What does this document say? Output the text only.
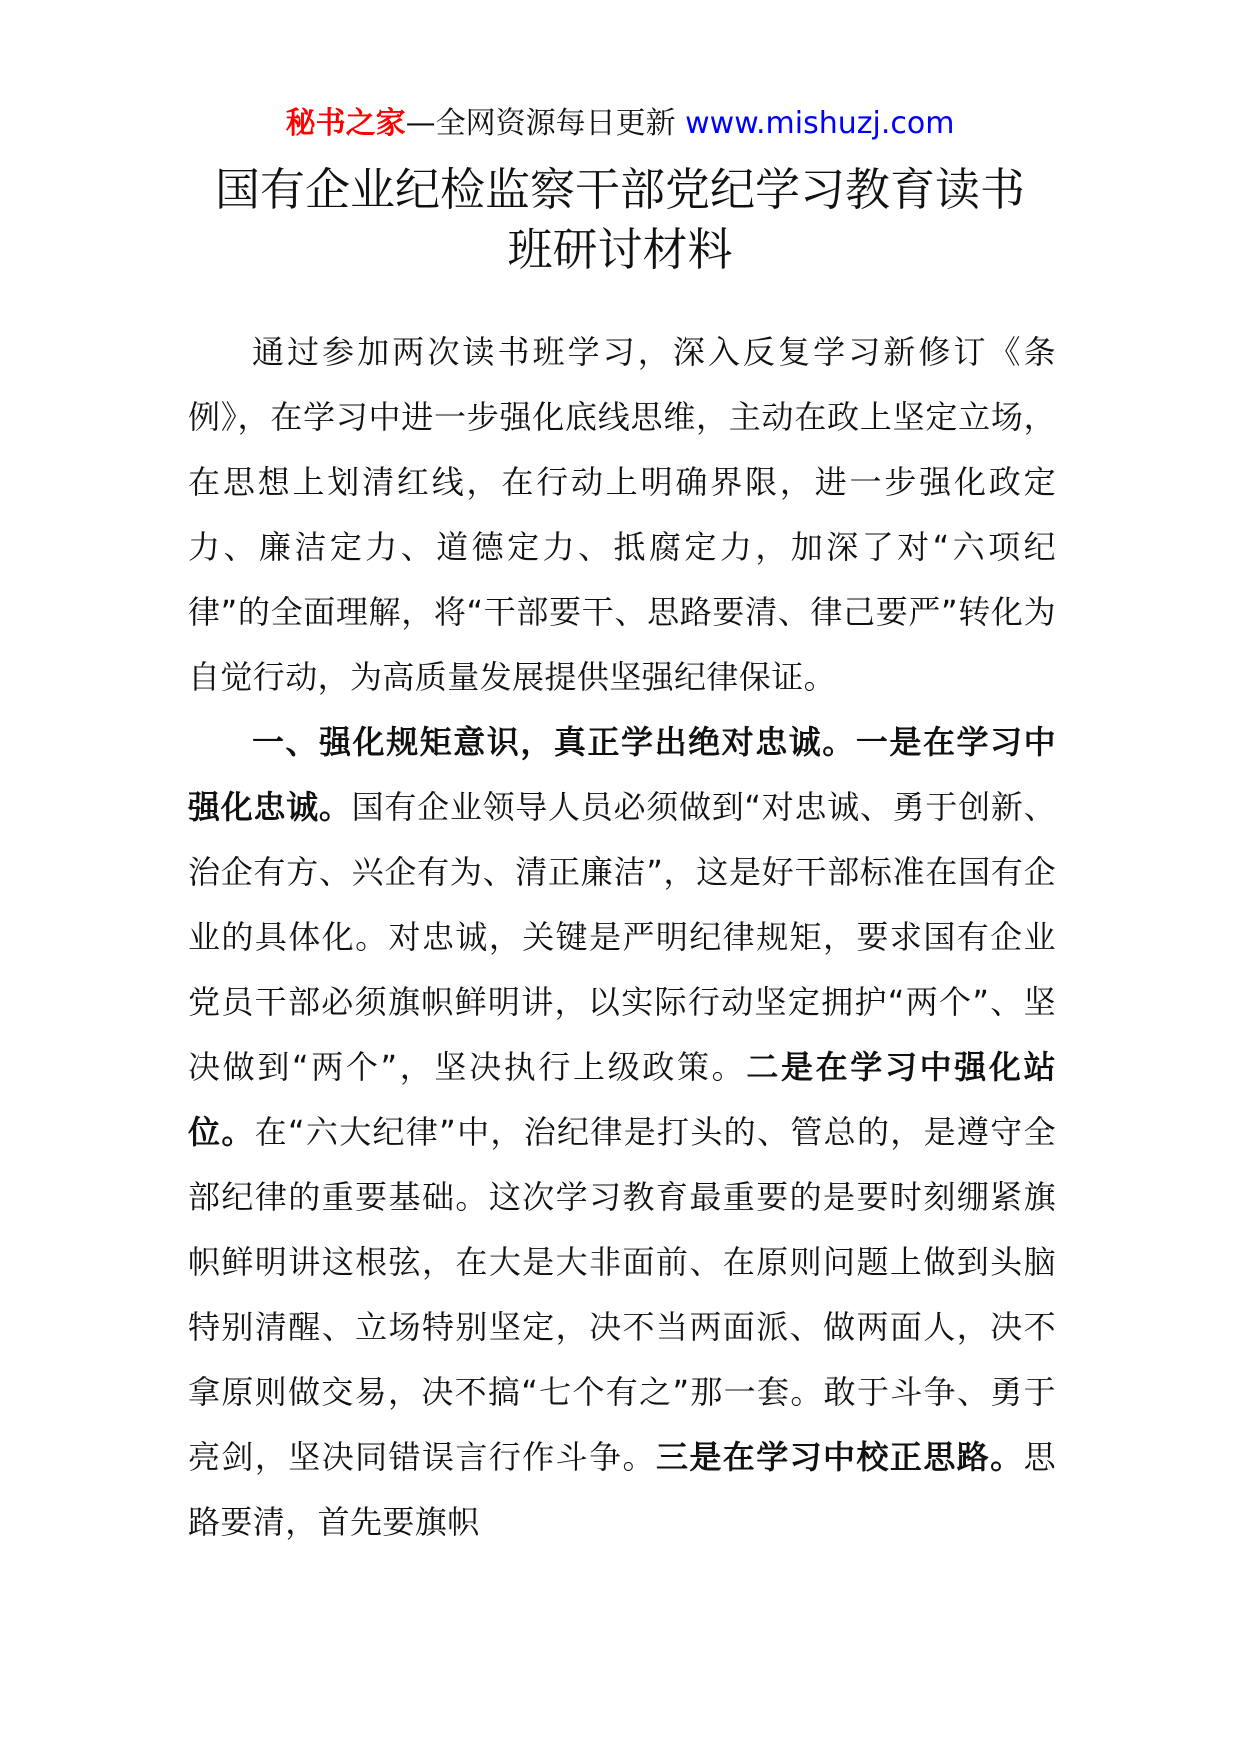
秘书之家—全网资源每日更新 www.mishuzj.com
国有企业纪检监察干部党纪学习教育读书
班研讨材料

通过参加两次读书班学习，深入反复学习新修订《条例》，在学习中进一步强化底线思维，主动在政上坚定立场，在思想上划清红线，在行动上明确界限，进一步强化政定力、廉洁定力、道德定力、抵腐定力，加深了对“六项纪律”的全面理解，将“干部要干、思路要清、律己要严”转化为自觉行动，为高质量发展提供坚强纪律保证。

一、强化规矩意识，真正学出绝对忠诚。一是在学习中强化忠诚。国有企业领导人员必须做到“对忠诚、勇于创新、治企有方、兴企有为、清正廉洁”，这是好干部标准在国有企业的具体化。对忠诚，关键是严明纪律规矩，要求国有企业党员干部必须旗帜鲜明讲，以实际行动坚定拥护“两个”、坚决做到“两个”，坚决执行上级政策。二是在学习中强化站位。在“六大纪律”中，治纪律是打头的、管总的，是遵守全部纪律的重要基础。这次学习教育最重要的是要时刻绷紧旗帜鲜明讲这根弦，在大是大非面前、在原则问题上做到头脑特别清醒、立场特别坚定，决不当两面派、做两面人，决不拿原则做交易，决不搞“七个有之”那一套。敢于斗争、勇于亮剑，坚决同错误言行作斗争。三是在学习中校正思路。思路要清，首先要旗帜
